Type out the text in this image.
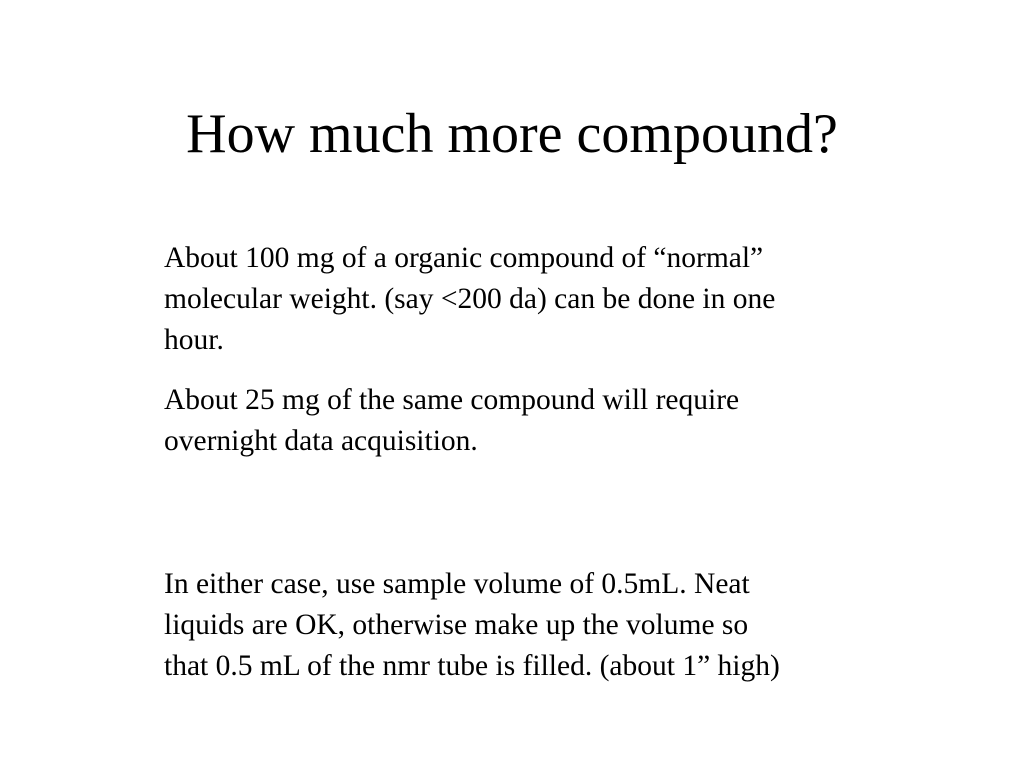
How much more compound?

About 100 mg of a organic compound of “normal”
molecular weight. (say <200 da) can be done in one
hour.

About 25 mg of the same compound will require
overnight data acquisition.

In either case, use sample volume of 0.5mL. Neat
liquids are OK, otherwise make up the volume so
that 0.5 mL of the nmr tube is filled. (about 1” high)
